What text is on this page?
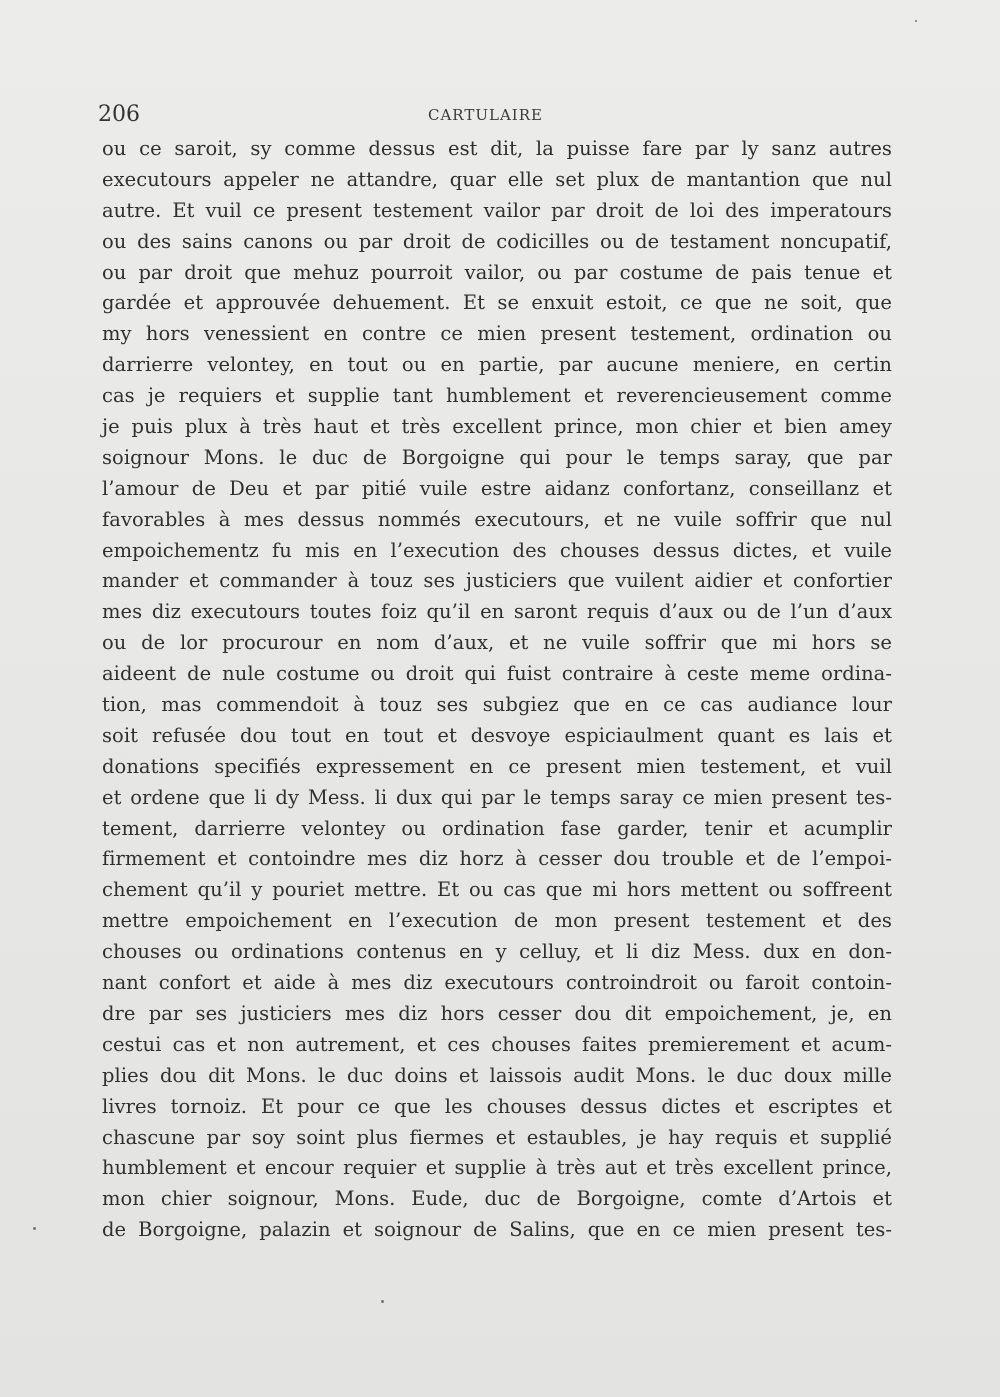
206	CARTULAIRE
ou ce saroit, sy comme dessus est dit, la puisse fare par ly sanz autres
executours appeler ne attandre, quar elle set plux de mantantion que nul
autre. Et vuil ce present testement vailor par droit de loi des imperatours
ou des sains canons ou par droit de codicilles ou de testament noncupatif,
ou par droit que mehuz pourroit vailor, ou par costume de pais tenue et
gardée et approuvée dehuement. Et se enxuit estoit, ce que ne soit, que
my hors venessient en contre ce mien present testement, ordination ou
darrierre velontey, en tout ou en partie, par aucune meniere, en certin
cas je requiers et supplie tant humblement et reverencieusement comme
je puis plux à très haut et très excellent prince, mon chier et bien amey
soignour Mons. le duc de Borgoigne qui pour le temps saray, que par
l’amour de Deu et par pitié vuile estre aidanz confortanz, conseillanz et
favorables à mes dessus nommés executours, et ne vuile soffrir que nul
empoichementz fu mis en l’execution des chouses dessus dictes, et vuile
mander et commander à touz ses justiciers que vuilent aidier et confortier
mes diz executours toutes foiz qu’il en saront requis d’aux ou de l’un d’aux
ou de lor procurour en nom d’aux, et ne vuile soffrir que mi hors se
aideent de nule costume ou droit qui fuist contraire à ceste meme ordina-
tion, mas commendoit à touz ses subgiez que en ce cas audiance lour
soit refusée dou tout en tout et desvoye espiciaulment quant es lais et
donations specifiés expressement en ce present mien testement, et vuil
et ordene que li dy Mess. li dux qui par le temps saray ce mien present tes-
tement, darrierre velontey ou ordination fase garder, tenir et acumplir
firmement et contoindre mes diz horz à cesser dou trouble et de l’empoi-
chement qu’il y pouriet mettre. Et ou cas que mi hors mettent ou soffreent
mettre empoichement en l’execution de mon present testement et des
chouses ou ordinations contenus en y celluy, et li diz Mess. dux en don-
nant confort et aide à mes diz executours controindroit ou faroit contoin-
dre par ses justiciers mes diz hors cesser dou dit empoichement, je, en
cestui cas et non autrement, et ces chouses faites premierement et acum-
plies dou dit Mons. le duc doins et laissois audit Mons. le duc doux mille
livres tornoiz. Et pour ce que les chouses dessus dictes et escriptes et
chascune par soy soint plus fiermes et estaubles, je hay requis et supplié
humblement et encour requier et supplie à très aut et très excellent prince,
mon chier soignour, Mons. Eude, duc de Borgoigne, comte d’Artois et
de Borgoigne, palazin et soignour de Salins, que en ce mien present tes-
